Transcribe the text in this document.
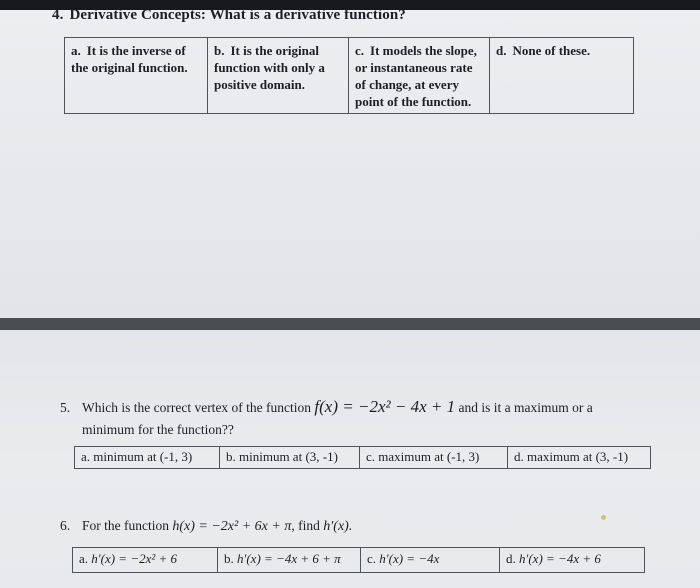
4. Derivative Concepts: What is a derivative function?
a. It is the inverse of the original function.	b. It is the original function with only a positive domain.	c. It models the slope, or instantaneous rate of change, at every point of the function.	d. None of these.
5. Which is the correct vertex of the function f(x) = −2x² − 4x + 1 and is it a maximum or a
minimum for the function??
a. minimum at (-1, 3)	b. minimum at (3, -1)	c. maximum at (-1, 3)	d. maximum at (3, -1)
6. For the function h(x) = −2x² + 6x + π, find h′(x).
a. h′(x) = −2x² + 6	b. h′(x) = −4x + 6 + π	c. h′(x) = −4x	d. h′(x) = −4x + 6
